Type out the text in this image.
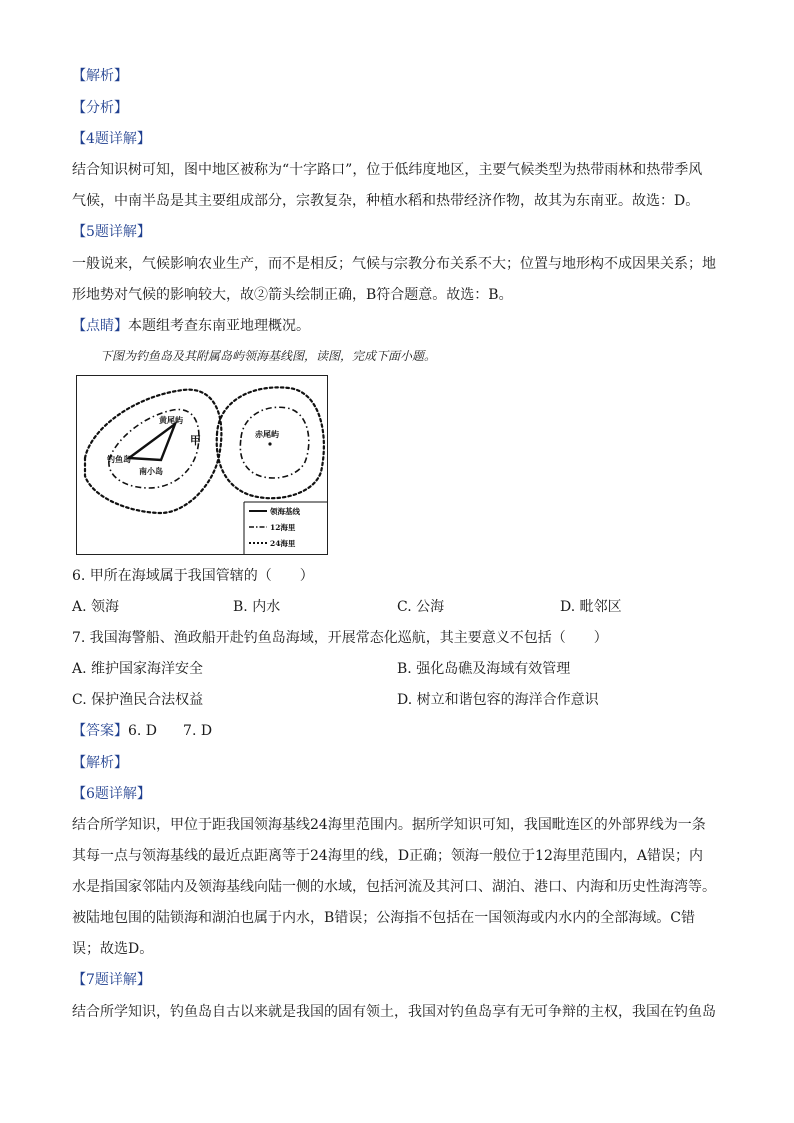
【解析】
【分析】
【4题详解】
结合知识树可知，图中地区被称为“十字路口”，位于低纬度地区，主要气候类型为热带雨林和热带季风
气候，中南半岛是其主要组成部分，宗教复杂，种植水稻和热带经济作物，故其为东南亚。故选：D。
【5题详解】
一般说来，气候影响农业生产，而不是相反；气候与宗教分布关系不大；位置与地形构不成因果关系；地
形地势对气候的影响较大，故②箭头绘制正确，B符合题意。故选：B。
【点睛】本题组考查东南亚地理概况。
下图为钓鱼岛及其附属岛屿领海基线图，读图，完成下面小题。
黄尾屿
钓鱼岛
南小岛
赤尾屿
甲
领海基线
12海里
24海里
6. 甲所在海域属于我国管辖的（　　）
A. 领海	B. 内水	C. 公海	D. 毗邻区
7. 我国海警船、渔政船开赴钓鱼岛海域，开展常态化巡航，其主要意义不包括（　　）
A. 维护国家海洋安全	B. 强化岛礁及海域有效管理
C. 保护渔民合法权益	D. 树立和谐包容的海洋合作意识
【答案】6. D 7. D
【解析】
【6题详解】
结合所学知识，甲位于距我国领海基线24海里范围内。据所学知识可知，我国毗连区的外部界线为一条
其每一点与领海基线的最近点距离等于24海里的线，D正确；领海一般位于12海里范围内，A错误；内
水是指国家邻陆内及领海基线向陆一侧的水域，包括河流及其河口、湖泊、港口、内海和历史性海湾等。
被陆地包围的陆锁海和湖泊也属于内水，B错误；公海指不包括在一国领海或内水内的全部海域。C错
误；故选D。
【7题详解】
结合所学知识，钓鱼岛自古以来就是我国的固有领土，我国对钓鱼岛享有无可争辩的主权，我国在钓鱼岛
